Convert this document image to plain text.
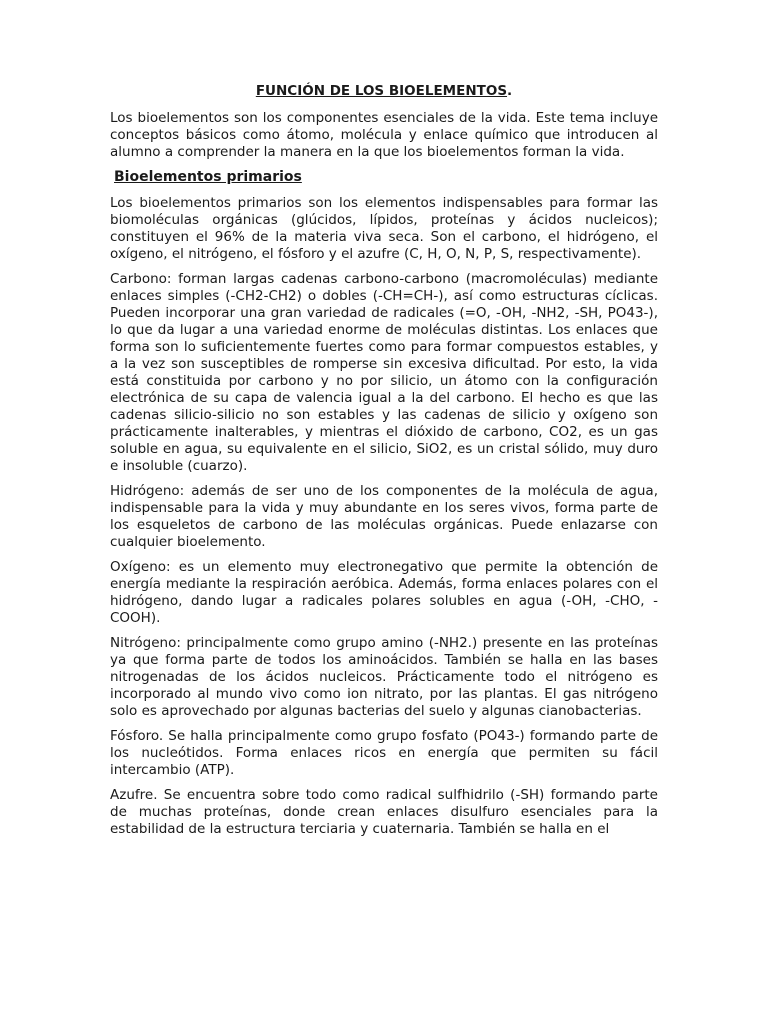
FUNCIÓN DE LOS BIOELEMENTOS.

Los bioelementos son los componentes esenciales de la vida. Este tema incluye conceptos básicos como átomo, molécula y enlace químico que introducen al alumno a comprender la manera en la que los bioelementos forman la vida.

Bioelementos primarios

Los bioelementos primarios son los elementos indispensables para formar las biomoléculas orgánicas (glúcidos, lípidos, proteínas y ácidos nucleicos); constituyen el 96% de la materia viva seca. Son el carbono, el hidrógeno, el oxígeno, el nitrógeno, el fósforo y el azufre (C, H, O, N, P, S, respectivamente).

Carbono: forman largas cadenas carbono-carbono (macromoléculas) mediante enlaces simples (-CH2-CH2) o dobles (-CH=CH-), así como estructuras cíclicas. Pueden incorporar una gran variedad de radicales (=O, -OH, -NH2, -SH, PO43-), lo que da lugar a una variedad enorme de moléculas distintas. Los enlaces que forma son lo suficientemente fuertes como para formar compuestos estables, y a la vez son susceptibles de romperse sin excesiva dificultad. Por esto, la vida está constituida por carbono y no por silicio, un átomo con la configuración electrónica de su capa de valencia igual a la del carbono. El hecho es que las cadenas silicio-silicio no son estables y las cadenas de silicio y oxígeno son prácticamente inalterables, y mientras el dióxido de carbono, CO2, es un gas soluble en agua, su equivalente en el silicio, SiO2, es un cristal sólido, muy duro e insoluble (cuarzo).

Hidrógeno: además de ser uno de los componentes de la molécula de agua, indispensable para la vida y muy abundante en los seres vivos, forma parte de los esqueletos de carbono de las moléculas orgánicas. Puede enlazarse con cualquier bioelemento.

Oxígeno: es un elemento muy electronegativo que permite la obtención de energía mediante la respiración aeróbica. Además, forma enlaces polares con el hidrógeno, dando lugar a radicales polares solubles en agua (-OH, -CHO, -COOH).

Nitrógeno: principalmente como grupo amino (-NH2.) presente en las proteínas ya que forma parte de todos los aminoácidos. También se halla en las bases nitrogenadas de los ácidos nucleicos. Prácticamente todo el nitrógeno es incorporado al mundo vivo como ion nitrato, por las plantas. El gas nitrógeno solo es aprovechado por algunas bacterias del suelo y algunas cianobacterias.

Fósforo. Se halla principalmente como grupo fosfato (PO43-) formando parte de los nucleótidos. Forma enlaces ricos en energía que permiten su fácil intercambio (ATP).

Azufre. Se encuentra sobre todo como radical sulfhidrilo (-SH) formando parte de muchas proteínas, donde crean enlaces disulfuro esenciales para la estabilidad de la estructura terciaria y cuaternaria. También se halla en el
